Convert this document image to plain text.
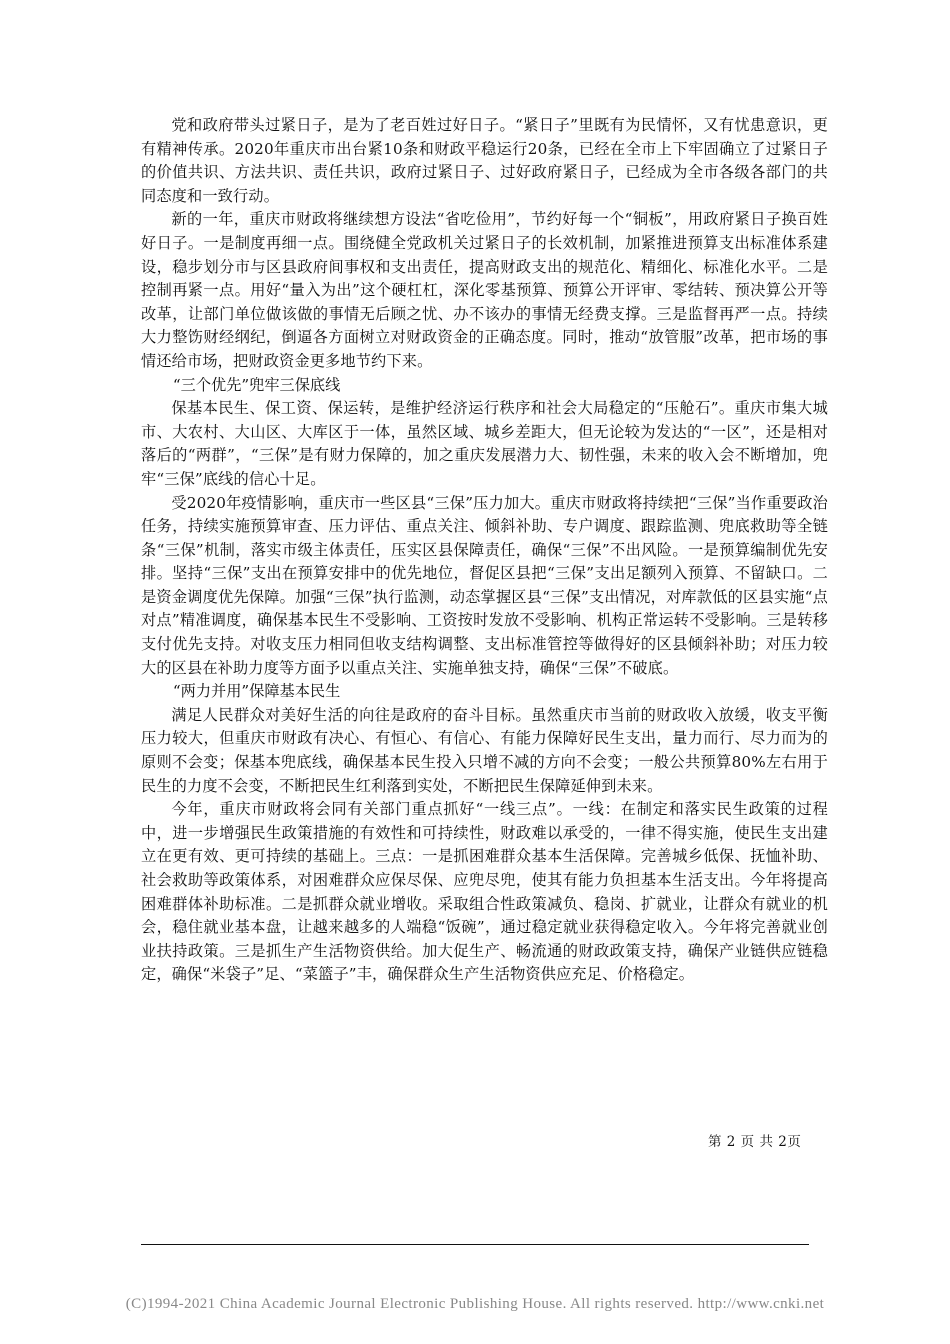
党和政府带头过紧日子，是为了老百姓过好日子。“紧日子”里既有为民情怀，又有忧患意识，更有精神传承。2020年重庆市出台紧10条和财政平稳运行20条，已经在全市上下牢固确立了过紧日子的价值共识、方法共识、责任共识，政府过紧日子、过好政府紧日子，已经成为全市各级各部门的共同态度和一致行动。

新的一年，重庆市财政将继续想方设法“省吃俭用”，节约好每一个“铜板”，用政府紧日子换百姓好日子。一是制度再细一点。围绕健全党政机关过紧日子的长效机制，加紧推进预算支出标准体系建设，稳步划分市与区县政府间事权和支出责任，提高财政支出的规范化、精细化、标准化水平。二是控制再紧一点。用好“量入为出”这个硬杠杠，深化零基预算、预算公开评审、零结转、预决算公开等改革，让部门单位做该做的事情无后顾之忧、办不该办的事情无经费支撑。三是监督再严一点。持续大力整饬财经纲纪，倒逼各方面树立对财政资金的正确态度。同时，推动“放管服”改革，把市场的事情还给市场，把财政资金更多地节约下来。

“三个优先”兜牢三保底线

保基本民生、保工资、保运转，是维护经济运行秩序和社会大局稳定的“压舱石”。重庆市集大城市、大农村、大山区、大库区于一体，虽然区域、城乡差距大，但无论较为发达的“一区”，还是相对落后的“两群”，“三保”是有财力保障的，加之重庆发展潜力大、韧性强，未来的收入会不断增加，兜牢“三保”底线的信心十足。

受2020年疫情影响，重庆市一些区县“三保”压力加大。重庆市财政将持续把“三保”当作重要政治任务，持续实施预算审查、压力评估、重点关注、倾斜补助、专户调度、跟踪监测、兜底救助等全链条“三保”机制，落实市级主体责任，压实区县保障责任，确保“三保”不出风险。一是预算编制优先安排。坚持“三保”支出在预算安排中的优先地位，督促区县把“三保”支出足额列入预算、不留缺口。二是资金调度优先保障。加强“三保”执行监测，动态掌握区县“三保”支出情况，对库款低的区县实施“点对点”精准调度，确保基本民生不受影响、工资按时发放不受影响、机构正常运转不受影响。三是转移支付优先支持。对收支压力相同但收支结构调整、支出标准管控等做得好的区县倾斜补助；对压力较大的区县在补助力度等方面予以重点关注、实施单独支持，确保“三保”不破底。

“两力并用”保障基本民生

满足人民群众对美好生活的向往是政府的奋斗目标。虽然重庆市当前的财政收入放缓，收支平衡压力较大，但重庆市财政有决心、有恒心、有信心、有能力保障好民生支出，量力而行、尽力而为的原则不会变；保基本兜底线，确保基本民生投入只增不减的方向不会变；一般公共预算80%左右用于民生的力度不会变，不断把民生红利落到实处，不断把民生保障延伸到未来。

今年，重庆市财政将会同有关部门重点抓好“一线三点”。一线：在制定和落实民生政策的过程中，进一步增强民生政策措施的有效性和可持续性，财政难以承受的，一律不得实施，使民生支出建立在更有效、更可持续的基础上。三点：一是抓困难群众基本生活保障。完善城乡低保、抚恤补助、社会救助等政策体系，对困难群众应保尽保、应兜尽兜，使其有能力负担基本生活支出。今年将提高困难群体补助标准。二是抓群众就业增收。采取组合性政策减负、稳岗、扩就业，让群众有就业的机会，稳住就业基本盘，让越来越多的人端稳“饭碗”，通过稳定就业获得稳定收入。今年将完善就业创业扶持政策。三是抓生产生活物资供给。加大促生产、畅流通的财政政策支持，确保产业链供应链稳定，确保“米袋子”足、“菜篮子”丰，确保群众生产生活物资供应充足、价格稳定。

第 2 页 共 2页
(C)1994-2021 China Academic Journal Electronic Publishing House. All rights reserved. http://www.cnki.net
